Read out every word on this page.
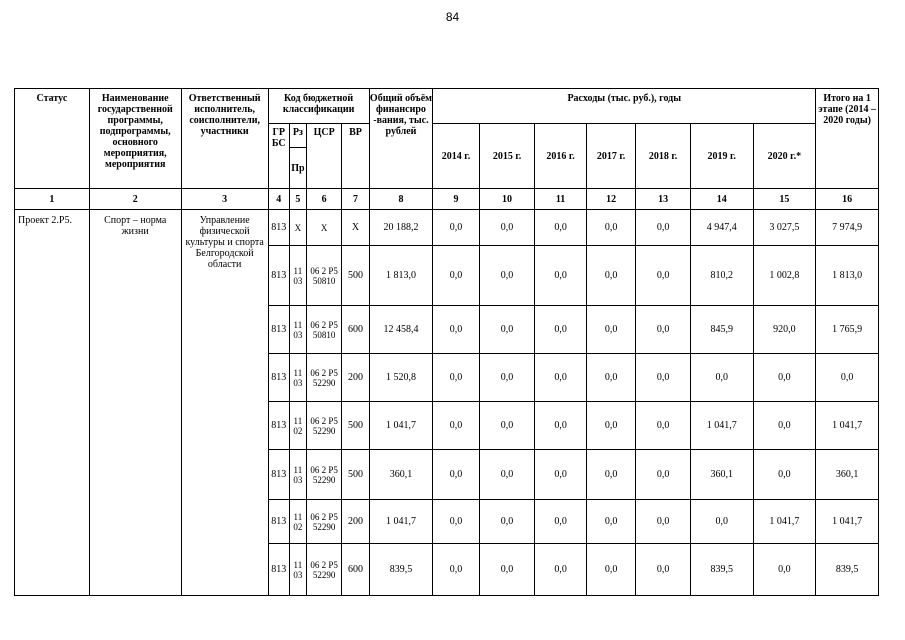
84
Статус	Наименование государственной программы, подпрограммы, основного мероприятия, мероприятия	Ответственный исполнитель, соисполнители, участники	Код бюджетной классификации				Общий объём финансиро -вания, тыс. рублей	Расходы (тыс. руб.), годы							Итого на 1 этапе (2014 – 2020 годы)
			ГР БС	Рз	ЦСР	ВР		2014 г.	2015 г.	2016 г.	2017 г.	2018 г.	2019 г.	2020 г.*	
				Пр											
1	2	3	4	5	6	7	8	9	10	11	12	13	14	15	16
Проект 2.Р5.	Спорт – норма жизни	Управление физической культуры и спорта Белгородской области	813	Х	Х	Х	20 188,2	0,0	0,0	0,0	0,0	0,0	4 947,4	3 027,5	7 974,9
			813	11 03	06 2 Р5 50810	500	1 813,0	0,0	0,0	0,0	0,0	0,0	810,2	1 002,8	1 813,0
			813	11 03	06 2 Р5 50810	600	12 458,4	0,0	0,0	0,0	0,0	0,0	845,9	920,0	1 765,9
			813	11 03	06 2 Р5 52290	200	1 520,8	0,0	0,0	0,0	0,0	0,0	0,0	0,0	0,0
			813	11 02	06 2 Р5 52290	500	1 041,7	0,0	0,0	0,0	0,0	0,0	1 041,7	0,0	1 041,7
			813	11 03	06 2 Р5 52290	500	360,1	0,0	0,0	0,0	0,0	0,0	360,1	0,0	360,1
			813	11 02	06 2 Р5 52290	200	1 041,7	0,0	0,0	0,0	0,0	0,0	0,0	1 041,7	1 041,7
			813	11 03	06 2 Р5 52290	600	839,5	0,0	0,0	0,0	0,0	0,0	839,5	0,0	839,5
